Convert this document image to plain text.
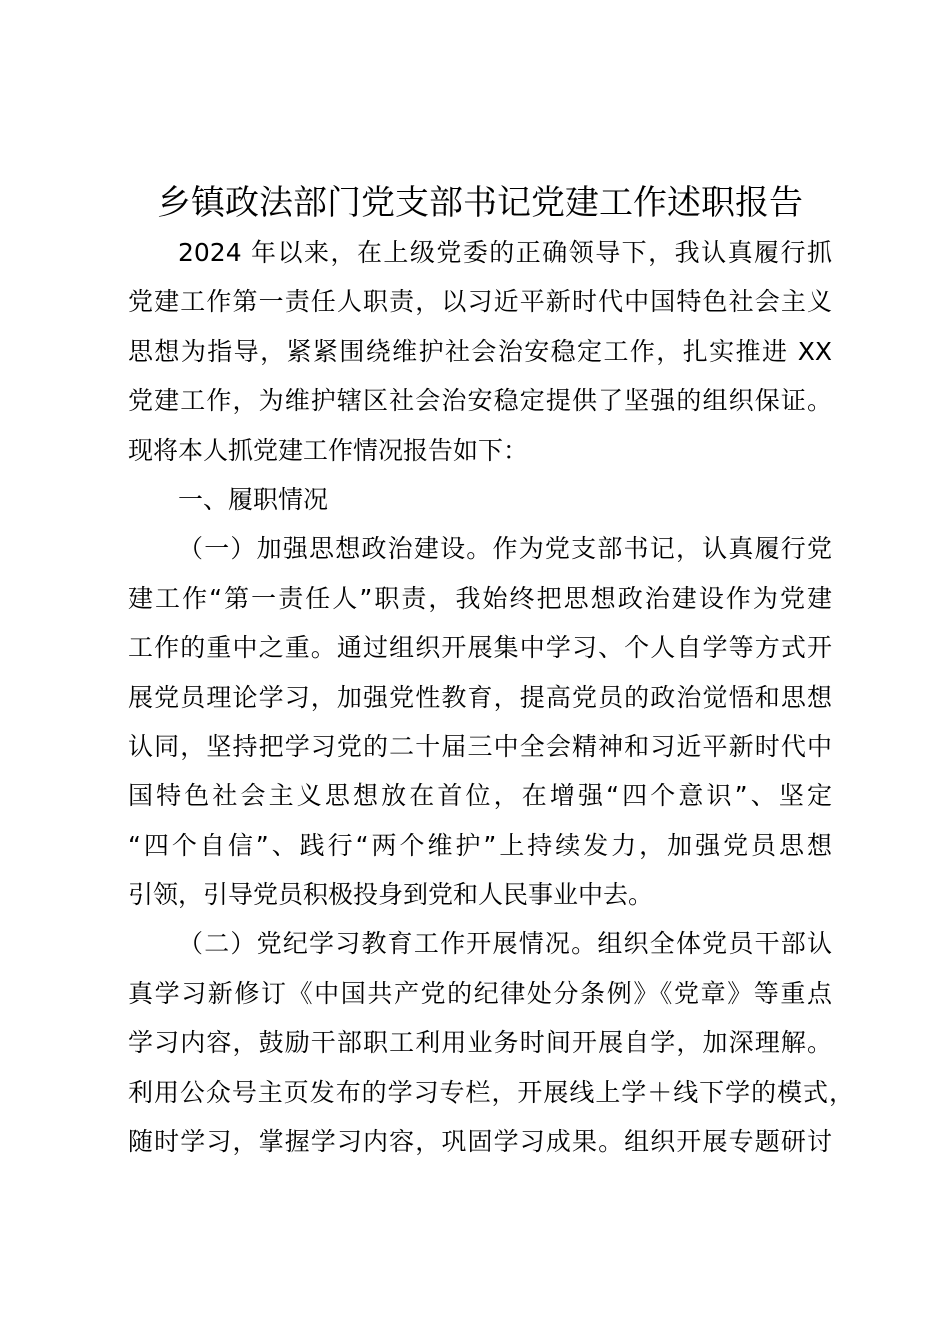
乡镇政法部门党支部书记党建工作述职报告
2024 年以来，在上级党委的正确领导下，我认真履行抓
党建工作第一责任人职责，以习近平新时代中国特色社会主义
思想为指导，紧紧围绕维护社会治安稳定工作，扎实推进 XX
党建工作，为维护辖区社会治安稳定提供了坚强的组织保证。
现将本人抓党建工作情况报告如下：
一、履职情况
（一）加强思想政治建设。作为党支部书记，认真履行党
建工作“第一责任人”职责，我始终把思想政治建设作为党建
工作的重中之重。通过组织开展集中学习、个人自学等方式开
展党员理论学习，加强党性教育，提高党员的政治觉悟和思想
认同，坚持把学习党的二十届三中全会精神和习近平新时代中
国特色社会主义思想放在首位，在增强“四个意识”、坚定
“四个自信”、践行“两个维护”上持续发力，加强党员思想
引领，引导党员积极投身到党和人民事业中去。
（二）党纪学习教育工作开展情况。组织全体党员干部认
真学习新修订《中国共产党的纪律处分条例》《党章》等重点
学习内容，鼓励干部职工利用业务时间开展自学，加深理解。
利用公众号主页发布的学习专栏，开展线上学＋线下学的模式，
随时学习，掌握学习内容，巩固学习成果。组织开展专题研讨
